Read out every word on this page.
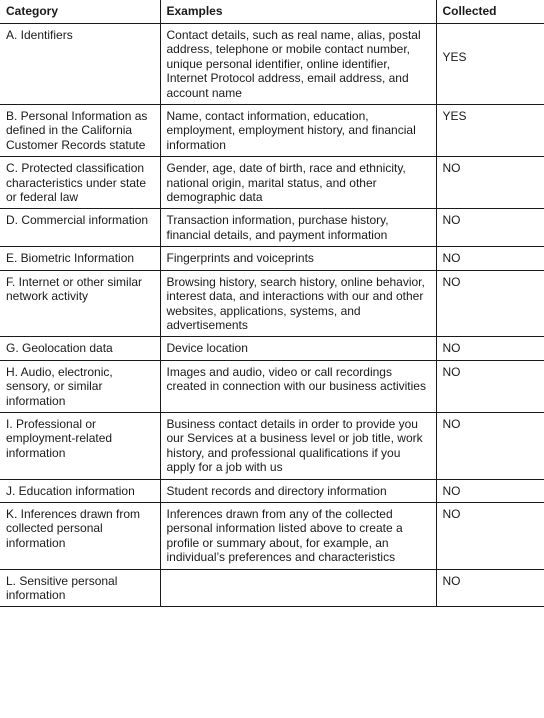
Category	Examples	Collected
A. Identifiers	Contact details, such as real name, alias, postal address, telephone or mobile contact number, unique personal identifier, online identifier, Internet Protocol address, email address, and account name	YES
B. Personal Information as defined in the California Customer Records statute	Name, contact information, education, employment, employment history, and financial information	YES
C. Protected classification characteristics under state or federal law	Gender, age, date of birth, race and ethnicity, national origin, marital status, and other demographic data	NO
D. Commercial information	Transaction information, purchase history, financial details, and payment information	NO
E. Biometric Information	Fingerprints and voiceprints	NO
F. Internet or other similar network activity	Browsing history, search history, online behavior, interest data, and interactions with our and other websites, applications, systems, and advertisements	NO
G. Geolocation data	Device location	NO
H. Audio, electronic, sensory, or similar information	Images and audio, video or call recordings created in connection with our business activities	NO
I. Professional or employment-related information	Business contact details in order to provide you our Services at a business level or job title, work history, and professional qualifications if you apply for a job with us	NO
J. Education information	Student records and directory information	NO
K. Inferences drawn from collected personal information	Inferences drawn from any of the collected personal information listed above to create a profile or summary about, for example, an individual’s preferences and characteristics	NO
L. Sensitive personal information		NO
